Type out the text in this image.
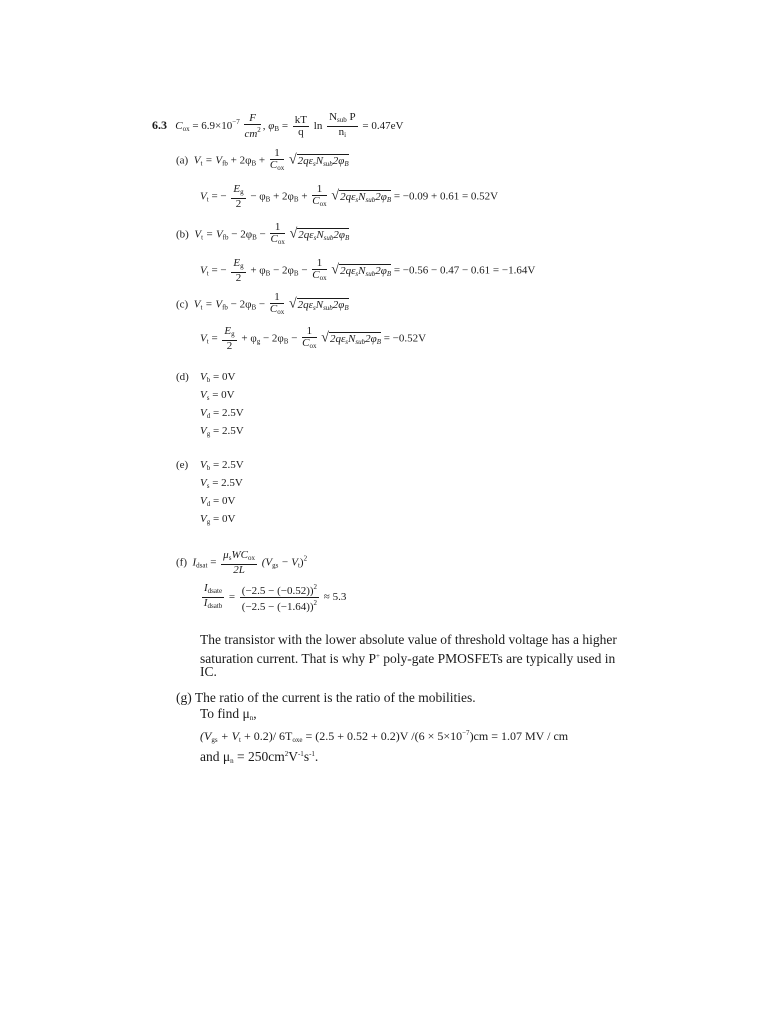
6.3 $C_{ox} = 6.9\times 10^{-7} \frac{F}{cm^2}$ , $\varphi_B = \frac{kT}{q}$ $\ln \frac{N_{sub} P}{n_i} = 0.47eV$
(a) $V_t = V_{fb} + 2\varphi_B + \frac{1}{C_{ox}} √2q\varepsilon_sN_{sub}2\varphi_B$
$V_t$ = − $\frac{E_g}{2} - \varphi_B + 2\varphi_B + \frac{1}{C_{ox}} √2q\varepsilon_sN_{sub}2\varphi_B = -0.09 + 0.61 = 0.52V$
(b) $V_t = V_{fb} - 2\varphi_B - \frac{1}{C_{ox}} √2q\varepsilon_sN_{sub}2\varphi_B$
$V_t$ = − $\frac{E_g}{2} + \varphi_B - 2\varphi_B - \frac{1}{C_{ox}} √2q\varepsilon_sN_{sub}2\varphi_B = -0.56 - 0.47 - 0.61 = -1.64V$
(c) $V_t = V_{fb} - 2\varphi_B - \frac{1}{C_{ox}} √2q\varepsilon_sN_{sub}2\varphi_B$
$V_t = \frac{E_g}{2} + \varphi_g - 2\varphi_B - \frac{1}{C_{ox}} √2q\varepsilon_sN_{sub}2\varphi_B = -0.52V$
(d) $V_b = 0V$
$V_s = 0V$
$V_d = 2.5V$
$V_g = 2.5V$
(e) $V_b = 2.5V$
$V_s = 2.5V$
$V_d = 0V$
$V_g = 0V$
(f) $I_{dsat} = \frac{\mu_sWC_{ox}}{2L} (V_{gs} - V_t)^2$
$\frac{I_{dsate}}{I_{dsatb}} = \frac{(-2.5 - (-0.52))^2}{(-2.5 - (-1.64))^2} \approx 5.3$
The transistor with the lower absolute value of threshold voltage has a higher
saturation current. That is why P+ poly-gate PMOSFETs are typically used in
IC.
(g) The ratio of the current is the ratio of the mobilities.
To find $\mu_n$,
$(V_{gs} + V_t + 0.2)/$ $6T_{oxe} = (2.5 + 0.52 + 0.2)V$ $/(6 \times 5\times 10^{-7})cm = 1.07$ MV / cm
and $\mu_n = 250cm^2V^{-1}s^{-1}$.
